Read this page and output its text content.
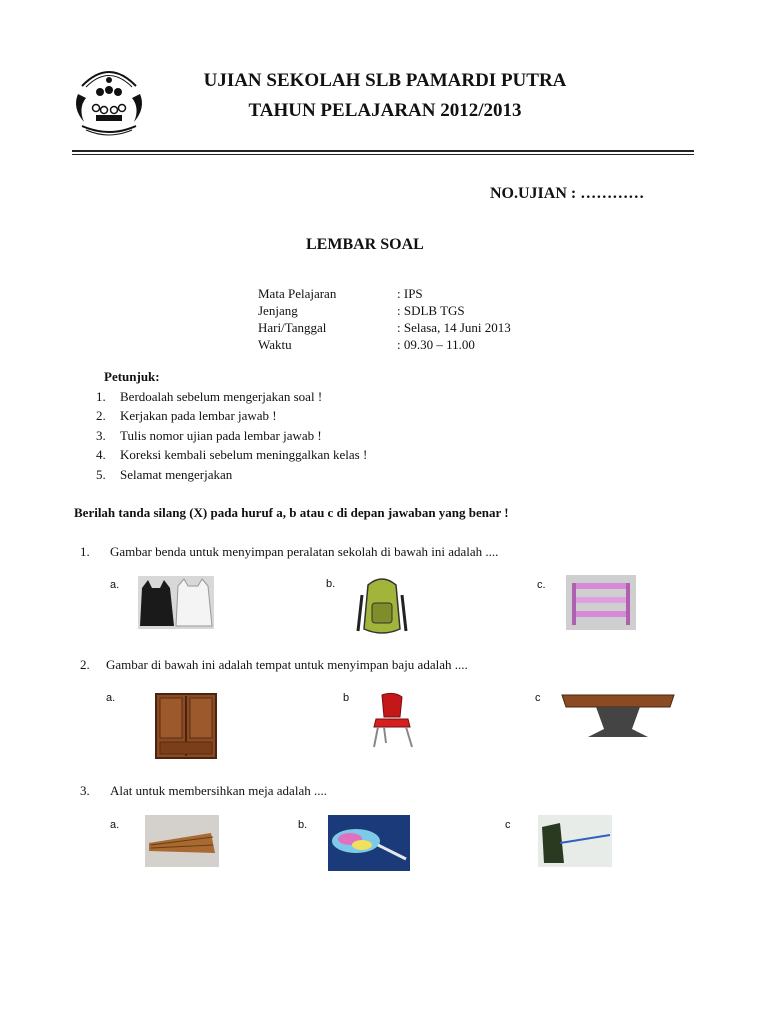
UJIAN SEKOLAH SLB PAMARDI PUTRA
TAHUN PELAJARAN 2012/2013
NO.UJIAN : …………
LEMBAR SOAL
Mata Pelajaran	: IPS
Jenjang	: SDLB TGS
Hari/Tanggal	: Selasa, 14 Juni 2013
Waktu	: 09.30 – 11.00
Petunjuk:
1. Berdoalah sebelum mengerjakan soal !
2. Kerjakan pada lembar jawab !
3. Tulis nomor ujian pada lembar jawab !
4. Koreksi kembali sebelum meninggalkan kelas !
5. Selamat mengerjakan
Berilah tanda silang (X) pada huruf a, b atau c di depan jawaban yang benar !
1. Gambar benda untuk menyimpan peralatan sekolah di bawah ini adalah ....
a.	b.	c.
2. Gambar di bawah ini adalah tempat untuk menyimpan baju adalah ....
a.	b	c
3. Alat untuk membersihkan meja adalah ....
a.	b.	c
